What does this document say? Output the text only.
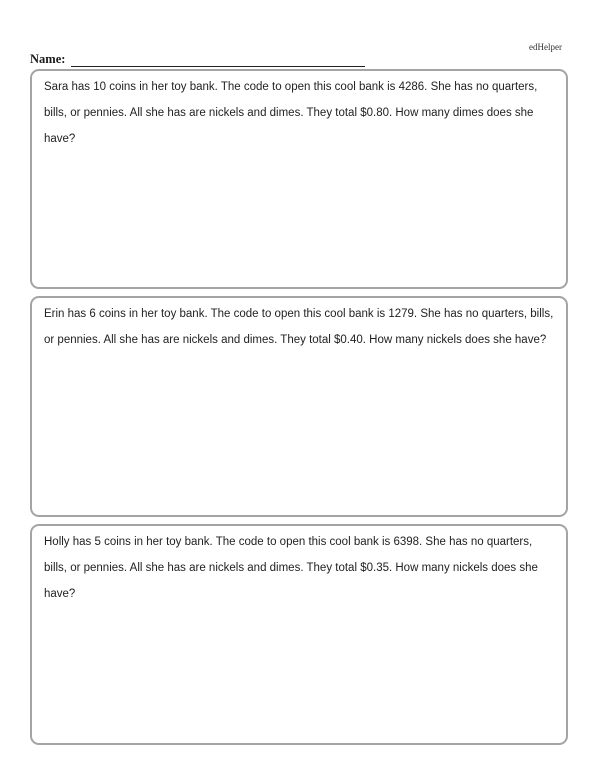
edHelper
Name:

Sara has 10 coins in her toy bank. The code to open this cool bank is 4286. She has no quarters, bills, or pennies. All she has are nickels and dimes. They total $0.80. How many dimes does she have?

Erin has 6 coins in her toy bank. The code to open this cool bank is 1279. She has no quarters, bills, or pennies. All she has are nickels and dimes. They total $0.40. How many nickels does she have?

Holly has 5 coins in her toy bank. The code to open this cool bank is 6398. She has no quarters, bills, or pennies. All she has are nickels and dimes. They total $0.35. How many nickels does she have?
